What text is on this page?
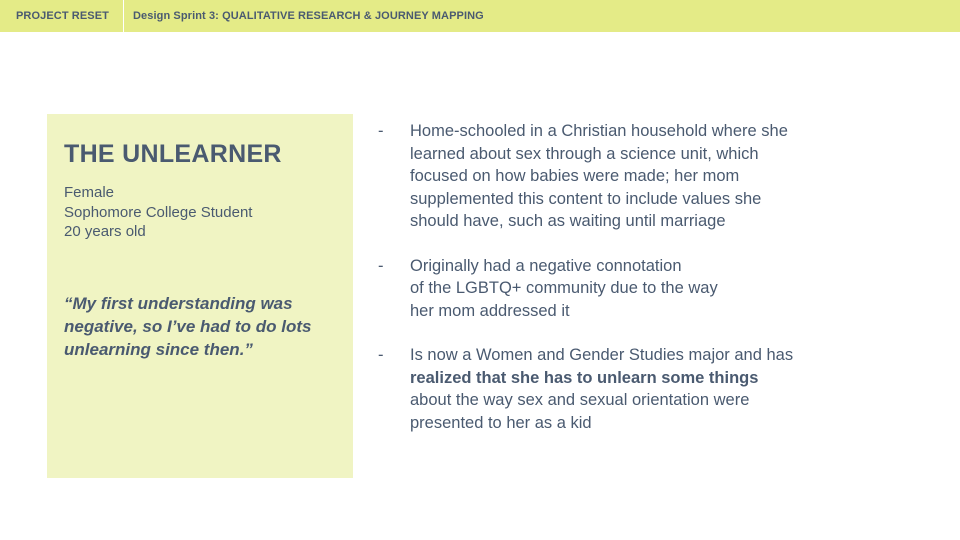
PROJECT RESET	Design Sprint 3: QUALITATIVE RESEARCH & JOURNEY MAPPING
THE UNLEARNER
Female
Sophomore College Student
20 years old
“My first understanding was negative, so I’ve had to do lots unlearning since then.”
-	Home-schooled in a Christian household where she
learned about sex through a science unit, which
focused on how babies were made; her mom
supplemented this content to include values she
should have, such as waiting until marriage
-	Originally had a negative connotation
of the LGBTQ+ community due to the way
her mom addressed it
-	Is now a Women and Gender Studies major and has
realized that she has to unlearn some things
about the way sex and sexual orientation were
presented to her as a kid
